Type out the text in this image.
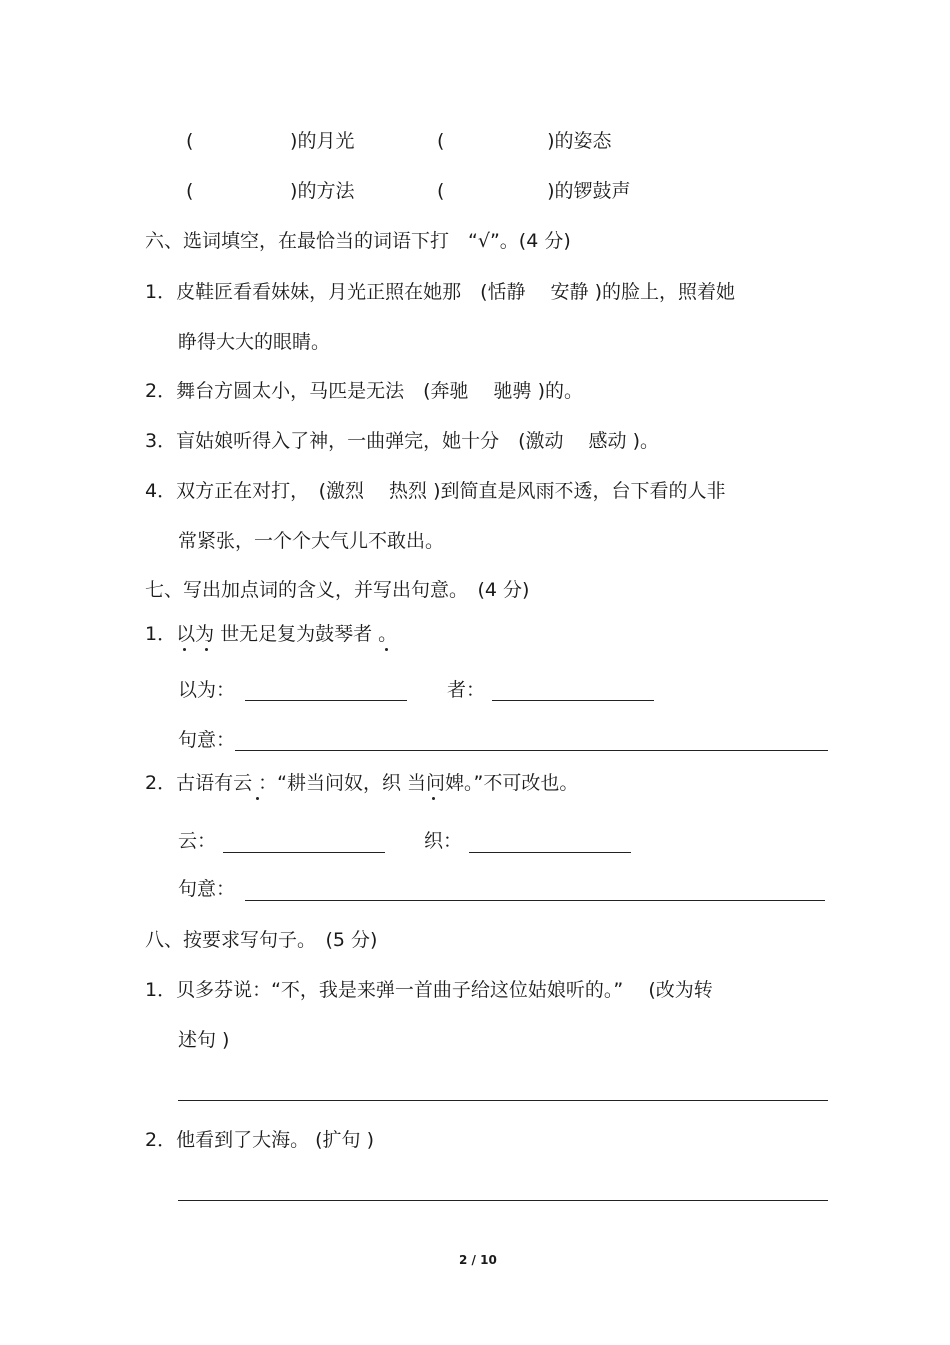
(                )的月光	(                 )的姿态
(                )的方法	(                 )的锣鼓声
六、选词填空，在最恰当的词语下打　“√”。(4 分)
1．皮鞋匠看看妹妹，月光正照在她那　(恬静　 安静 )的脸上，照着她
睁得大大的眼睛。
2．舞台方圆太小，马匹是无法　(奔驰　 驰骋 )的。
3．盲姑娘听得入了神，一曲弹完，她十分　(激动　 感动 )。
4．双方正在对打，　(激烈　 热烈 )到简直是风雨不透，台下看的人非
常紧张，一个个大气儿不敢出。
七、写出加点词的含义，并写出句意。　(4 分)
1．以为 世无足复为鼓琴者 。
以为：	者：
句意：
2．古语有云 ：“耕当问奴，织 当问婢。”不可改也。
云：	织：
句意：
八、按要求写句子。　(5 分)
1．贝多芬说：“不，我是来弹一首曲子给这位姑娘听的。”　 (改为转
述句 )
2．他看到了大海。 (扩句 )
2 / 10
